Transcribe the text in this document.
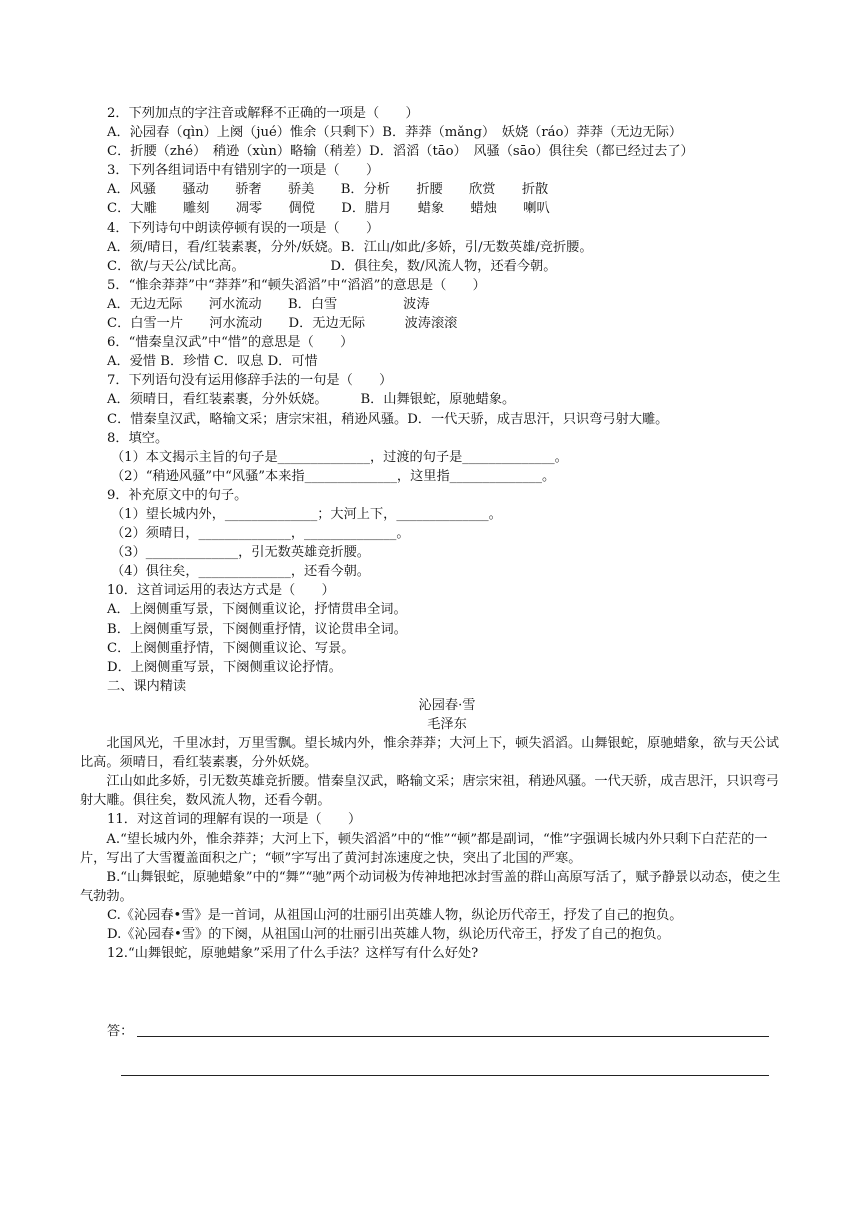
2．下列加点的字注音或解释不正确的一项是（　　）
A．沁园春（qìn）上阕（jué）惟余（只剩下）B．莽莽（mǎng）　妖娆（ráo）莽莽（无边无际）
C．折腰（zhé）　稍逊（xùn）略输（稍差）D．滔滔（tāo）　风骚（sāo）俱往矣（都已经过去了）
3．下列各组词语中有错别字的一项是（　　）
A．风骚　　骚动　　骄奢　　骄美　　B．分析　　折腰　　欣赏　　折散
C．大雕　　雕刻　　凋零　　倜傥　　D．腊月　　蜡象　　蜡烛　　喇叭
4．下列诗句中朗读停顿有误的一项是（　　）
A．须/晴日，看/红装素裹，分外/妖娆。B．江山/如此/多娇，引/无数英雄/竞折腰。
C．欲/与天公/试比高。　　　　　　　D．俱往矣，数/风流人物，还看今朝。
5．“惟余莽莽”中“莽莽”和“顿失滔滔”中“滔滔”的意思是（　　）
A．无边无际　　河水流动　　B．白雪　　　　　波涛
C．白雪一片　　河水流动　　D．无边无际　　　波涛滚滚
6．“惜秦皇汉武”中“惜”的意思是（　　）
A．爱惜 B．珍惜 C．叹息 D．可惜
7．下列语句没有运用修辞手法的一句是（　　）
A．须晴日，看红装素裹，分外妖娆。　　　B．山舞银蛇，原驰蜡象。
C．惜秦皇汉武，略输文采；唐宗宋祖，稍逊风骚。D．一代天骄，成吉思汗，只识弯弓射大雕。
8．填空。
（1）本文揭示主旨的句子是______________，过渡的句子是______________。
（2）“稍逊风骚”中“风骚”本来指______________，这里指______________。
9．补充原文中的句子。
（1）望长城内外，______________；大河上下，______________。
（2）须晴日，______________，______________。
（3）______________，引无数英雄竞折腰。
（4）俱往矣，______________，还看今朝。
10．这首词运用的表达方式是（　　）
A．上阕侧重写景，下阕侧重议论，抒情贯串全词。
B．上阕侧重写景，下阕侧重抒情，议论贯串全词。
C．上阕侧重抒情，下阕侧重议论、写景。
D．上阕侧重写景，下阕侧重议论抒情。
二、课内精读
沁园春·雪
毛泽东
北国风光，千里冰封，万里雪飘。望长城内外，惟余莽莽；大河上下，顿失滔滔。山舞银蛇，原驰蜡象，欲与天公试比高。须晴日，看红装素裹，分外妖娆。
江山如此多娇，引无数英雄竞折腰。惜秦皇汉武，略输文采；唐宗宋祖，稍逊风骚。一代天骄，成吉思汗，只识弯弓射大雕。俱往矣，数风流人物，还看今朝。
11．对这首词的理解有误的一项是（　　）
A.“望长城内外，惟余莽莽；大河上下，顿失滔滔”中的“惟”“顿”都是副词，“惟”字强调长城内外只剩下白茫茫的一片，写出了大雪覆盖面积之广；“顿”字写出了黄河封冻速度之快，突出了北国的严寒。
B.“山舞银蛇，原驰蜡象”中的“舞”“驰”两个动词极为传神地把冰封雪盖的群山高原写活了，赋予静景以动态，使之生气勃勃。
C.《沁园春•雪》是一首词，从祖国山河的壮丽引出英雄人物，纵论历代帝王，抒发了自己的抱负。
D.《沁园春•雪》的下阕，从祖国山河的壮丽引出英雄人物，纵论历代帝王，抒发了自己的抱负。
12.“山舞银蛇，原驰蜡象”采用了什么手法？这样写有什么好处?
答：
